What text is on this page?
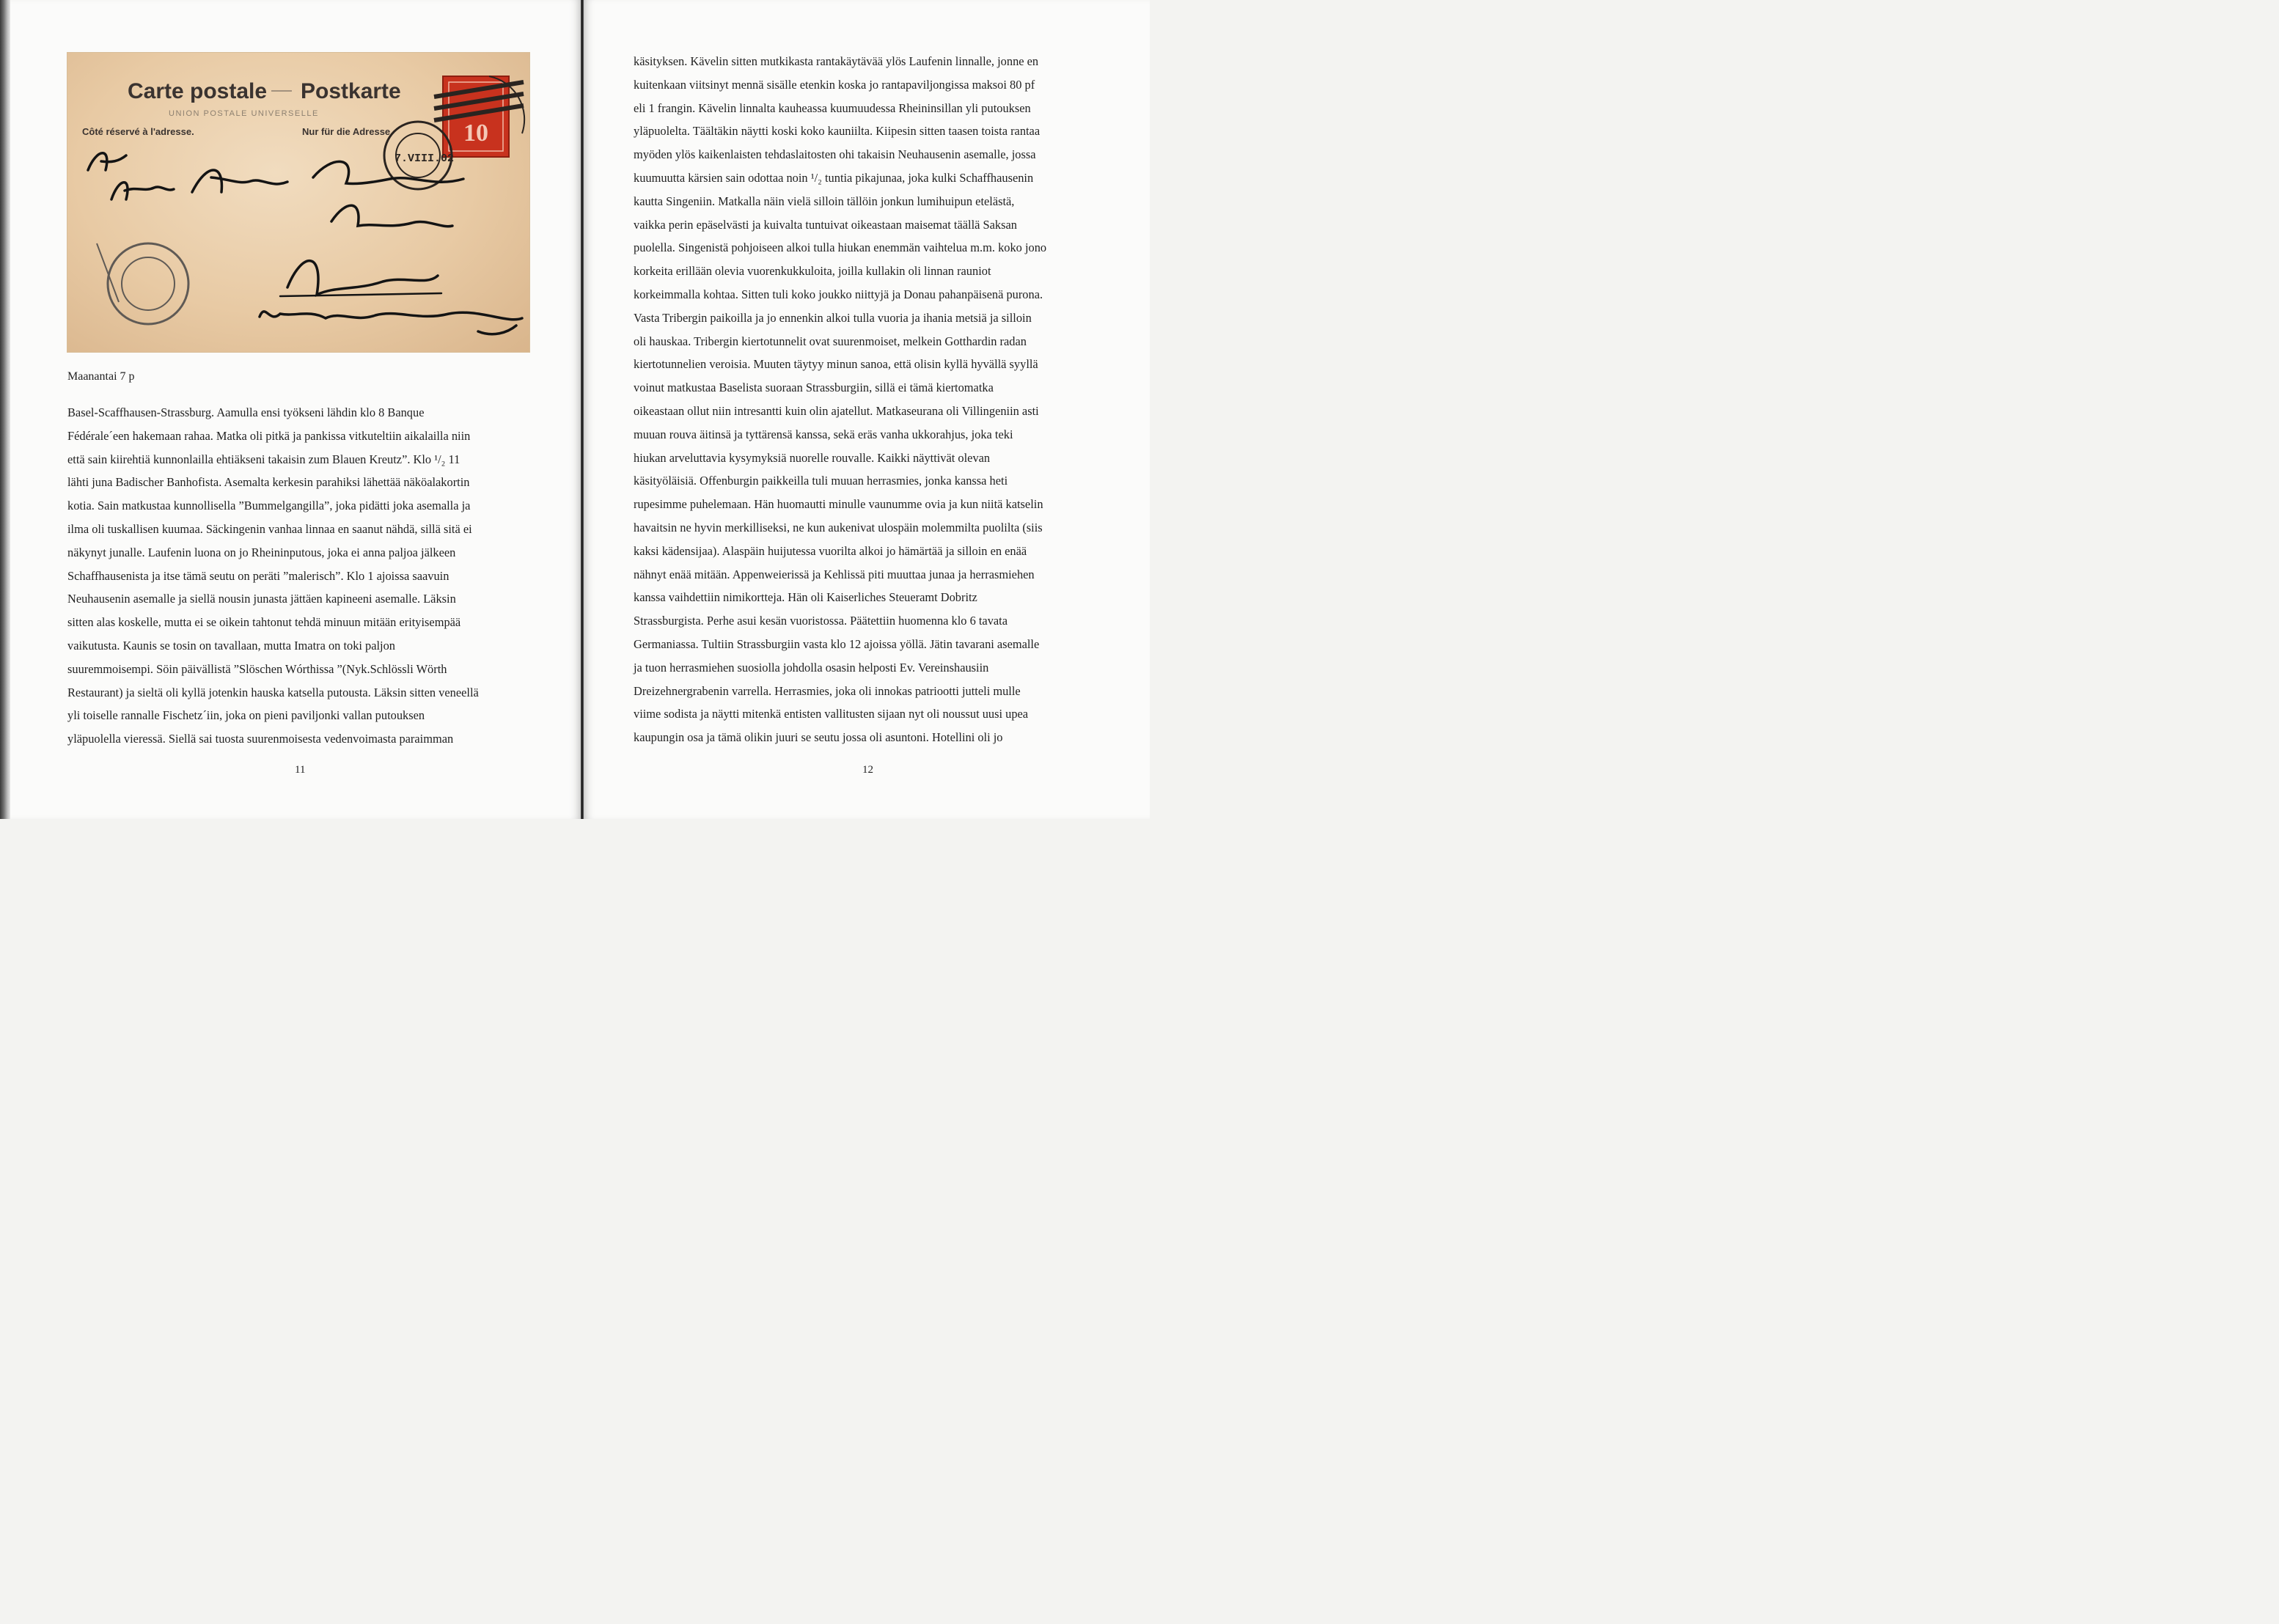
Carte postale Postkarte
UNION POSTALE UNIVERSELLE
Côté réservé à l'adresse.	Nur für die Adresse.	10
7.VIII.02
Maanantai 7 p
Basel-Scaffhausen-Strassburg. Aamulla ensi työkseni lähdin klo 8 Banque
Fédérale´een hakemaan rahaa. Matka oli pitkä ja pankissa vitkuteltiin aikalailla niin
että sain kiirehtiä kunnonlailla ehtiäkseni takaisin zum Blauen Kreutz”. Klo ¹/₂ 11
lähti juna Badischer Banhofista. Asemalta kerkesin parahiksi lähettää näköalakortin
kotia. Sain matkustaa kunnollisella ”Bummelgangilla”, joka pidätti joka asemalla ja
ilma oli tuskallisen kuumaa. Säckingenin vanhaa linnaa en saanut nähdä, sillä sitä ei
näkynyt junalle. Laufenin luona on jo Rheininputous, joka ei anna paljoa jälkeen
Schaffhausenista ja itse tämä seutu on peräti ”malerisch”. Klo 1 ajoissa saavuin
Neuhausenin asemalle ja siellä nousin junasta jättäen kapineeni asemalle. Läksin
sitten alas koskelle, mutta ei se oikein tahtonut tehdä minuun mitään erityisempää
vaikutusta. Kaunis se tosin on tavallaan, mutta Imatra on toki paljon
suuremmoisempi. Söin päivällistä ”Slöschen Wórthissa ”(Nyk.Schlössli Wörth
Restaurant) ja sieltä oli kyllä jotenkin hauska katsella putousta. Läksin sitten veneellä
yli toiselle rannalle Fischetz´iin, joka on pieni paviljonki vallan putouksen
yläpuolella vieressä. Siellä sai tuosta suurenmoisesta vedenvoimasta paraimman
11
käsityksen. Kävelin sitten mutkikasta rantakäytävää ylös Laufenin linnalle, jonne en
kuitenkaan viitsinyt mennä sisälle etenkin koska jo rantapaviljongissa maksoi 80 pf
eli 1 frangin. Kävelin linnalta kauheassa kuumuudessa Rheininsillan yli putouksen
yläpuolelta. Täältäkin näytti koski koko kauniilta. Kiipesin sitten taasen toista rantaa
myöden ylös kaikenlaisten tehdaslaitosten ohi takaisin Neuhausenin asemalle, jossa
kuumuutta kärsien sain odottaa noin ¹/₂ tuntia pikajunaa, joka kulki Schaffhausenin
kautta Singeniin. Matkalla näin vielä silloin tällöin jonkun lumihuipun etelästä,
vaikka perin epäselvästi ja kuivalta tuntuivat oikeastaan maisemat täällä Saksan
puolella. Singenistä pohjoiseen alkoi tulla hiukan enemmän vaihtelua m.m. koko jono
korkeita erillään olevia vuorenkukkuloita, joilla kullakin oli linnan rauniot
korkeimmalla kohtaa. Sitten tuli koko joukko niittyjä ja Donau pahanpäisenä purona.
Vasta Tribergin paikoilla ja jo ennenkin alkoi tulla vuoria ja ihania metsiä ja silloin
oli hauskaa. Tribergin kiertotunnelit ovat suurenmoiset, melkein Gotthardin radan
kiertotunnelien veroisia. Muuten täytyy minun sanoa, että olisin kyllä hyvällä syyllä
voinut matkustaa Baselista suoraan Strassburgiin, sillä ei tämä kiertomatka
oikeastaan ollut niin intresantti kuin olin ajatellut. Matkaseurana oli Villingeniin asti
muuan rouva äitinsä ja tyttärensä kanssa, sekä eräs vanha ukkorahjus, joka teki
hiukan arveluttavia kysymyksiä nuorelle rouvalle. Kaikki näyttivät olevan
käsityöläisiä. Offenburgin paikkeilla tuli muuan herrasmies, jonka kanssa heti
rupesimme puhelemaan. Hän huomautti minulle vaunumme ovia ja kun niitä katselin
havaitsin ne hyvin merkilliseksi, ne kun aukenivat ulospäin molemmilta puolilta (siis
kaksi kädensijaa). Alaspäin huijutessa vuorilta alkoi jo hämärtää ja silloin en enää
nähnyt enää mitään. Appenweierissä ja Kehlissä piti muuttaa junaa ja herrasmiehen
kanssa vaihdettiin nimikortteja. Hän oli Kaiserliches Steueramt Dobritz
Strassburgista. Perhe asui kesän vuoristossa. Päätettiin huomenna klo 6 tavata
Germaniassa. Tultiin Strassburgiin vasta klo 12 ajoissa yöllä. Jätin tavarani asemalle
ja tuon herrasmiehen suosiolla johdolla osasin helposti Ev. Vereinshausiin
Dreizehnergrabenin varrella. Herrasmies, joka oli innokas patriootti jutteli mulle
viime sodista ja näytti mitenkä entisten vallitusten sijaan nyt oli noussut uusi upea
kaupungin osa ja tämä olikin juuri se seutu jossa oli asuntoni. Hotellini oli jo
12
